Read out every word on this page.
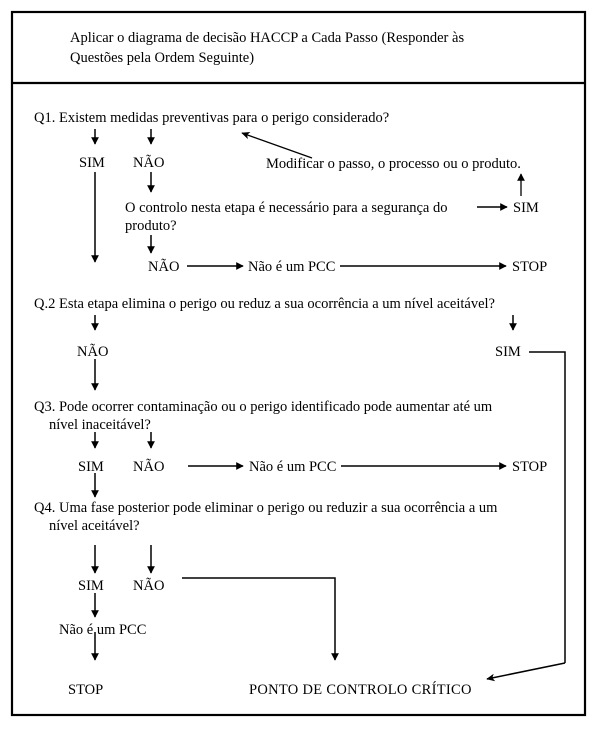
Aplicar o diagrama de decisão HACCP a Cada Passo (Responder às
Questões pela Ordem Seguinte)
Q1. Existem medidas preventivas para o perigo considerado?
SIM NÃO	Modificar o passo, o processo ou o produto.
O controlo nesta etapa é necessário para a segurança do
produto?
SIM
NÃO	Não é um PCC	STOP
Q.2 Esta etapa elimina o perigo ou reduz a sua ocorrência a um nível aceitável?
NÃO	SIM
Q3. Pode ocorrer contaminação ou o perigo identificado pode aumentar até um
nível inaceitável?
SIM NÃO	Não é um PCC	STOP
Q4. Uma fase posterior pode eliminar o perigo ou reduzir a sua ocorrência a um
nível aceitável?
SIM NÃO
Não é um PCC
STOP	PONTO DE CONTROLO CRÍTICO
